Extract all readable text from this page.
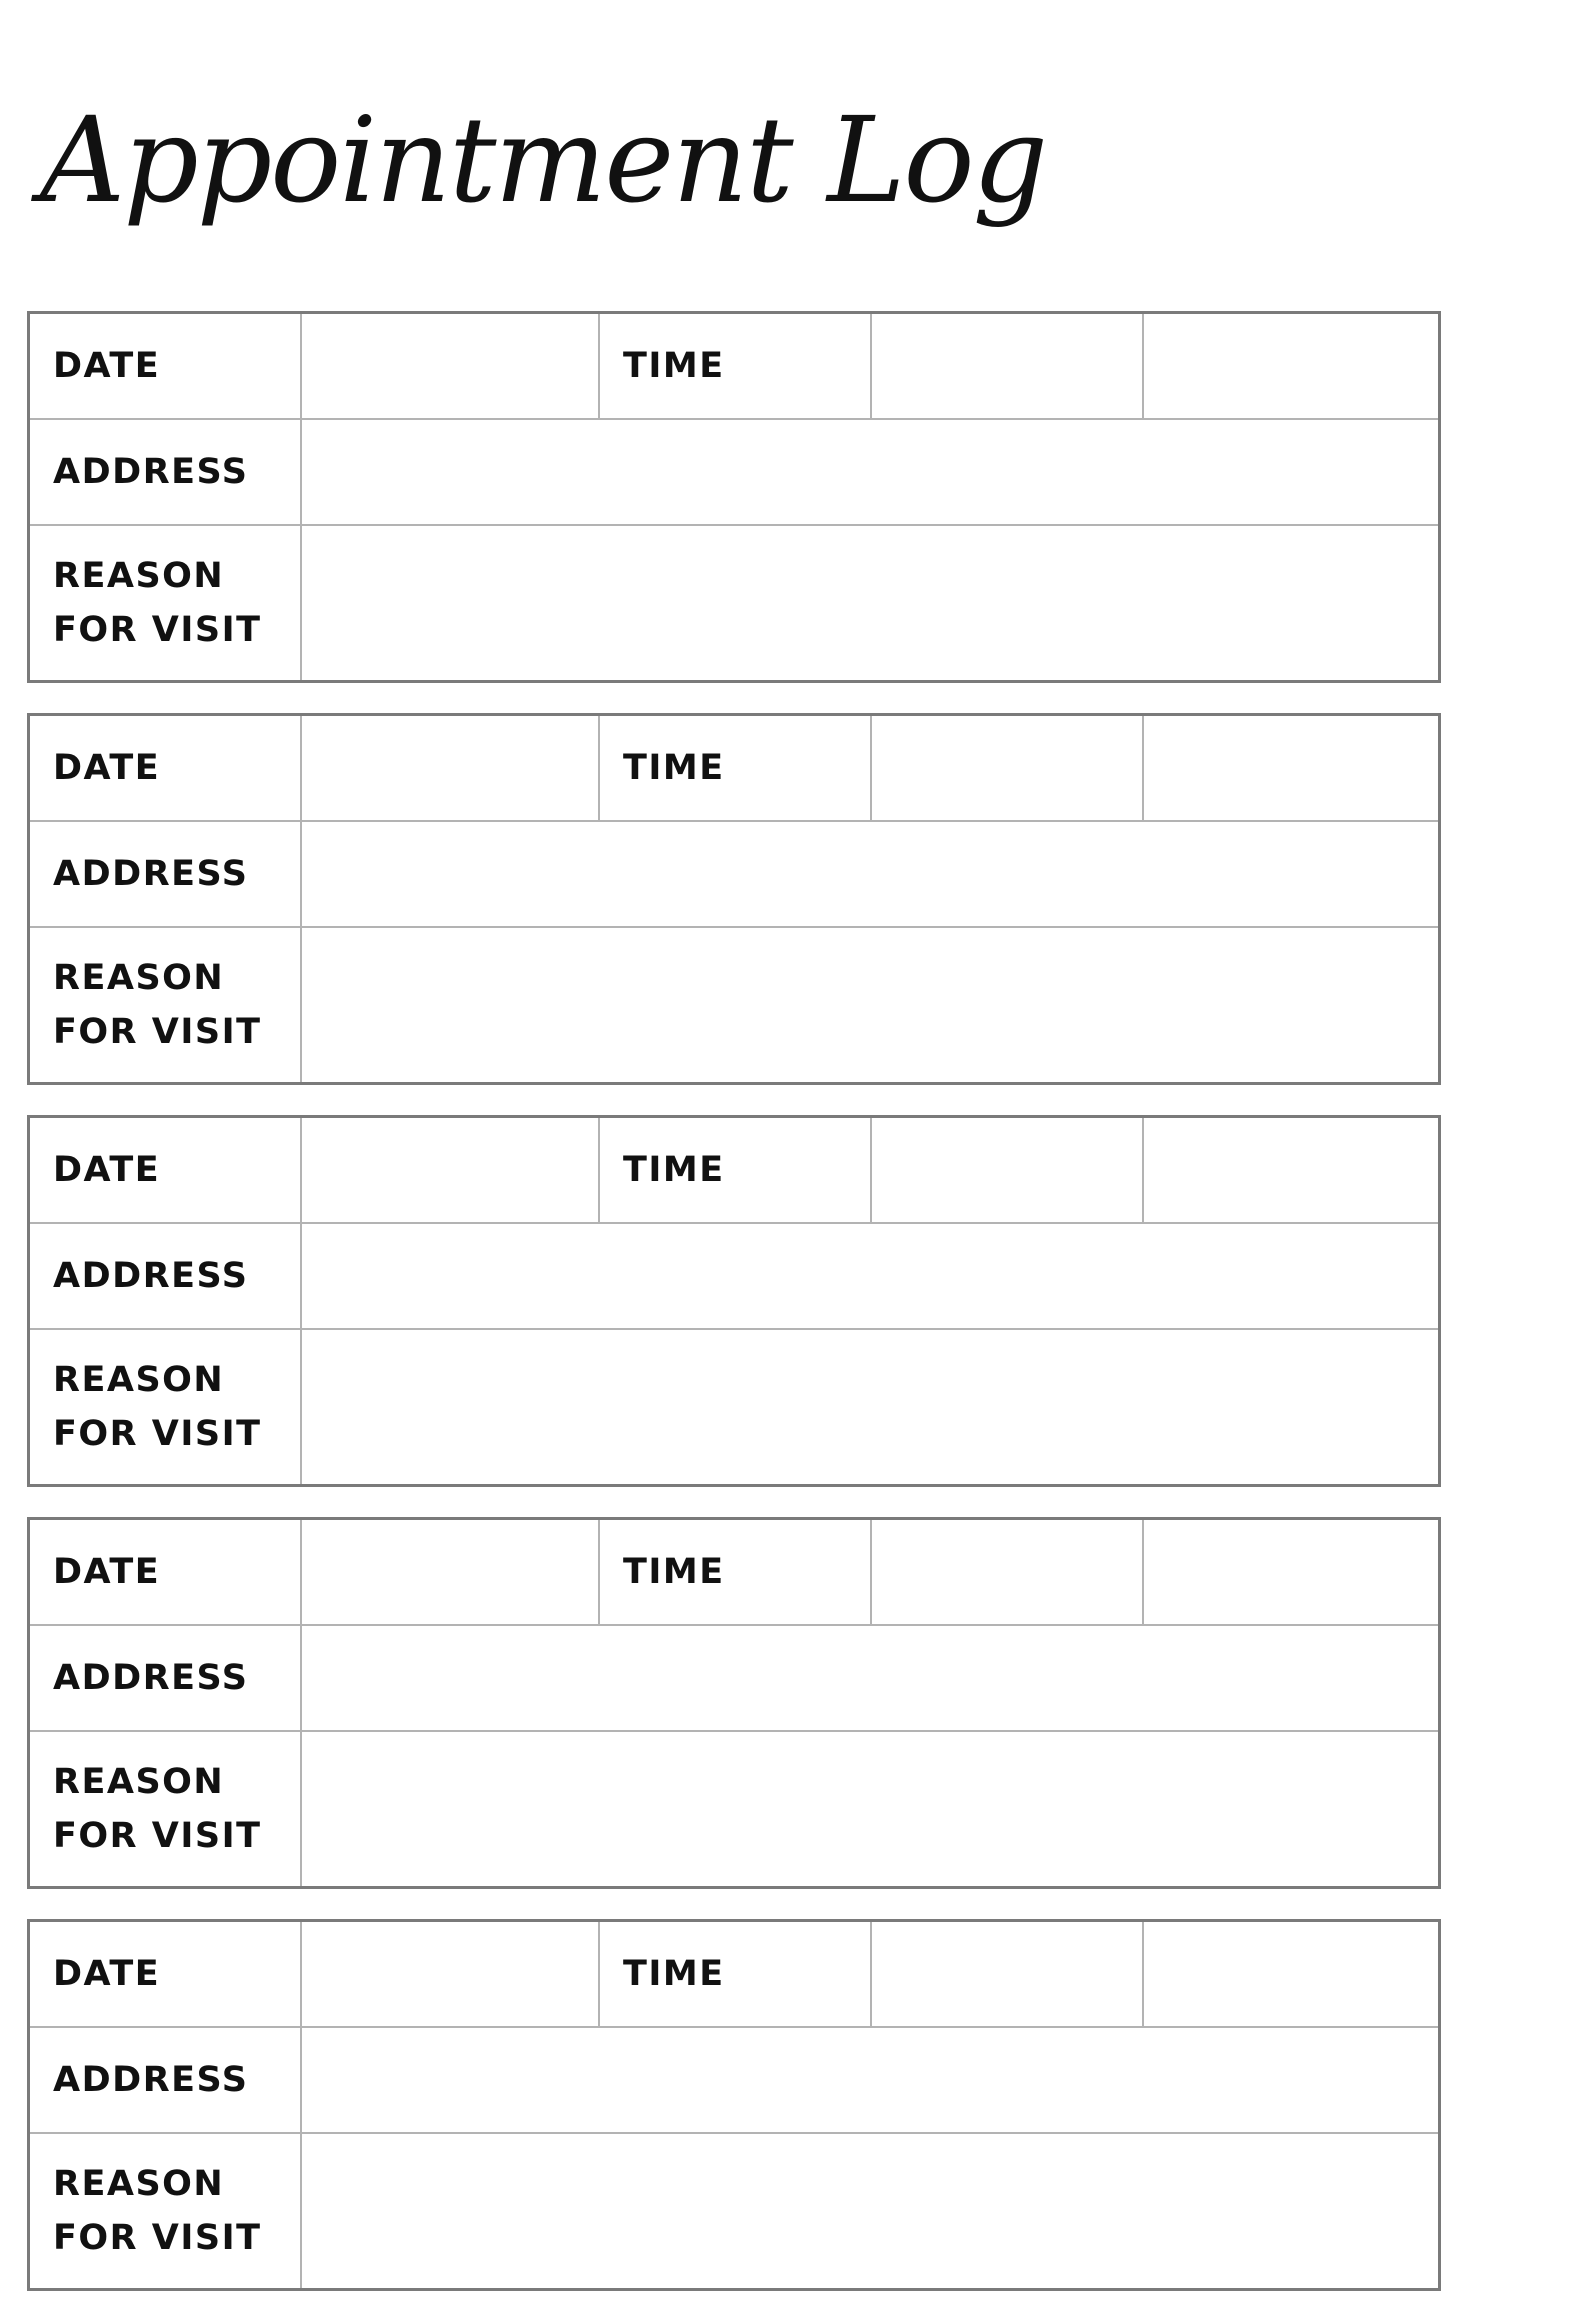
Appointment Log
DATE	TIME
ADDRESS
REASON
FOR VISIT
DATE	TIME
ADDRESS
REASON
FOR VISIT
DATE	TIME
ADDRESS
REASON
FOR VISIT
DATE	TIME
ADDRESS
REASON
FOR VISIT
DATE	TIME
ADDRESS
REASON
FOR VISIT
